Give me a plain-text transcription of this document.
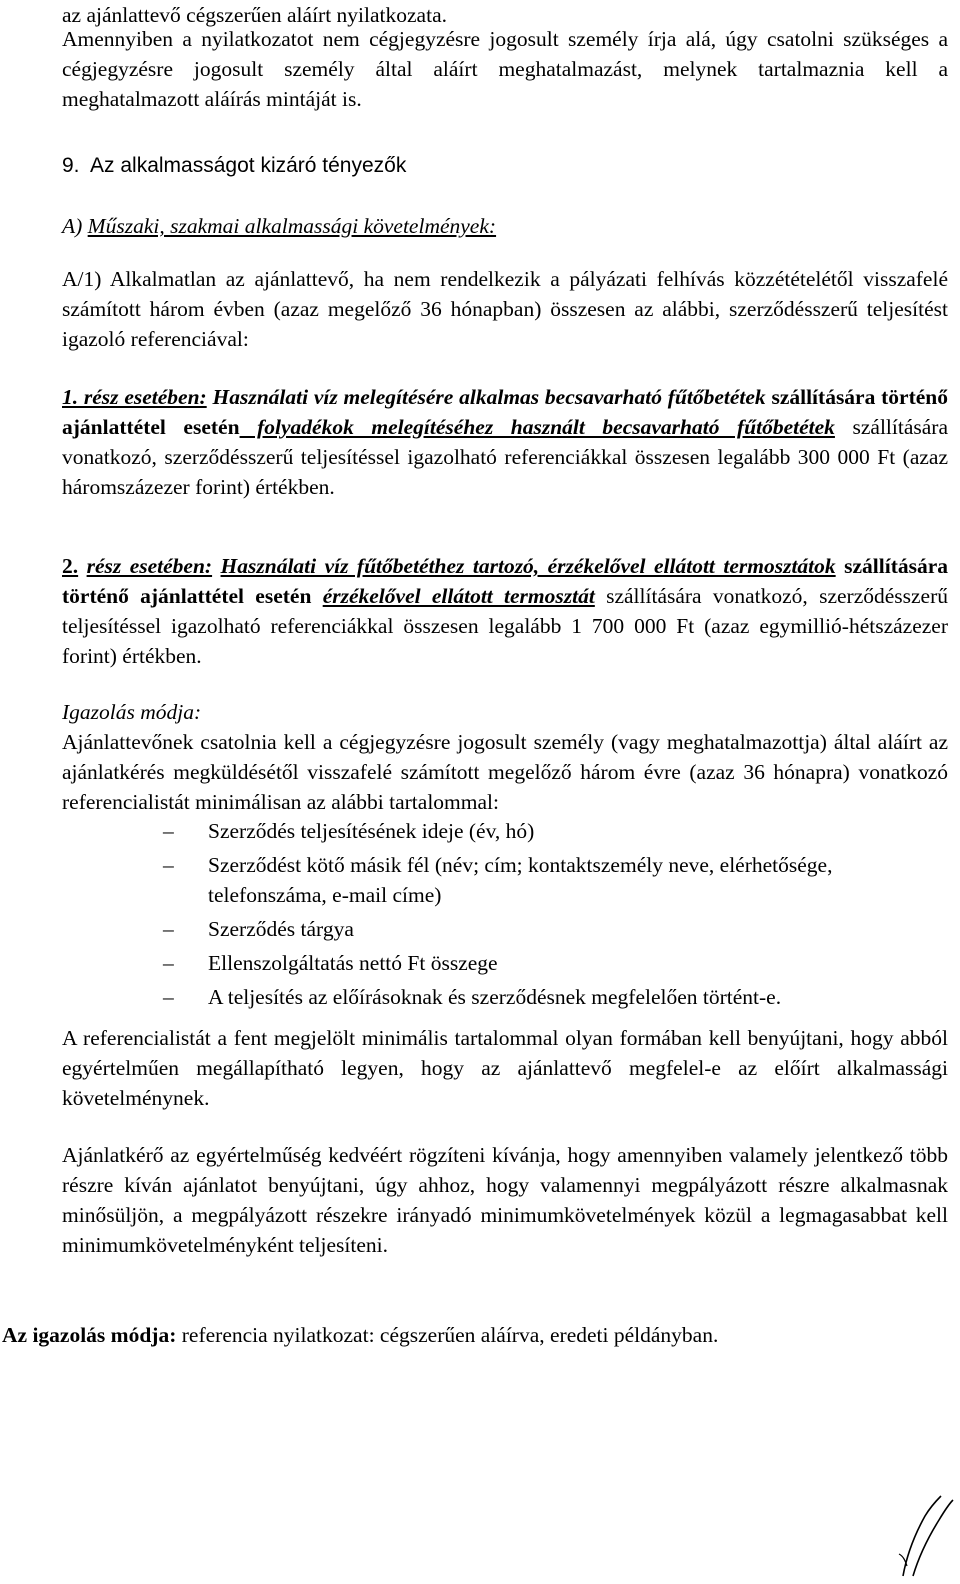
az ajánlattevő cégszerűen aláírt nyilatkozata.

Amennyiben a nyilatkozatot nem cégjegyzésre jogosult személy írja alá, úgy csatolni szükséges a cégjegyzésre jogosult személy által aláírt meghatalmazást, melynek tartalmaznia kell a meghatalmazott aláírás mintáját is.

9. Az alkalmasságot kizáró tényezők

A) Műszaki, szakmai alkalmassági követelmények:

A/1) Alkalmatlan az ajánlattevő, ha nem rendelkezik a pályázati felhívás közzétételétől visszafelé számított három évben (azaz megelőző 36 hónapban) összesen az alábbi, szerződésszerű teljesítést igazoló referenciával:

1. rész esetében: Használati víz melegítésére alkalmas becsavarható fűtőbetétek szállítására történő ajánlattétel esetén folyadékok melegítéséhez használt becsavarható fűtőbetétek szállítására vonatkozó, szerződésszerű teljesítéssel igazolható referenciákkal összesen legalább 300 000 Ft (azaz háromszázezer forint) értékben.

2. rész esetében: Használati víz fűtőbetéthez tartozó, érzékelővel ellátott termosztátok szállítására történő ajánlattétel esetén érzékelővel ellátott termosztát szállítására vonatkozó, szerződésszerű teljesítéssel igazolható referenciákkal összesen legalább 1 700 000 Ft (azaz egymillió-hétszázezer forint) értékben.

Igazolás módja:

Ajánlattevőnek csatolnia kell a cégjegyzésre jogosult személy (vagy meghatalmazottja) által aláírt az ajánlatkérés megküldésétől visszafelé számított megelőző három évre (azaz 36 hónapra) vonatkozó referencialistát minimálisan az alábbi tartalommal:

– Szerződés teljesítésének ideje (év, hó)
– Szerződést kötő másik fél (név; cím; kontaktszemély neve, elérhetősége, telefonszáma, e-mail címe)
– Szerződés tárgya
– Ellenszolgáltatás nettó Ft összege
– A teljesítés az előírásoknak és szerződésnek megfelelően történt-e.

A referencialistát a fent megjelölt minimális tartalommal olyan formában kell benyújtani, hogy abból egyértelműen megállapítható legyen, hogy az ajánlattevő megfelel-e az előírt alkalmassági követelménynek.

Ajánlatkérő az egyértelműség kedvéért rögzíteni kívánja, hogy amennyiben valamely jelentkező több részre kíván ajánlatot benyújtani, úgy ahhoz, hogy valamennyi megpályázott részre alkalmasnak minősüljön, a megpályázott részekre irányadó minimumkövetelmények közül a legmagasabbat kell minimumkövetelményként teljesíteni.

Az igazolás módja: referencia nyilatkozat: cégszerűen aláírva, eredeti példányban.
